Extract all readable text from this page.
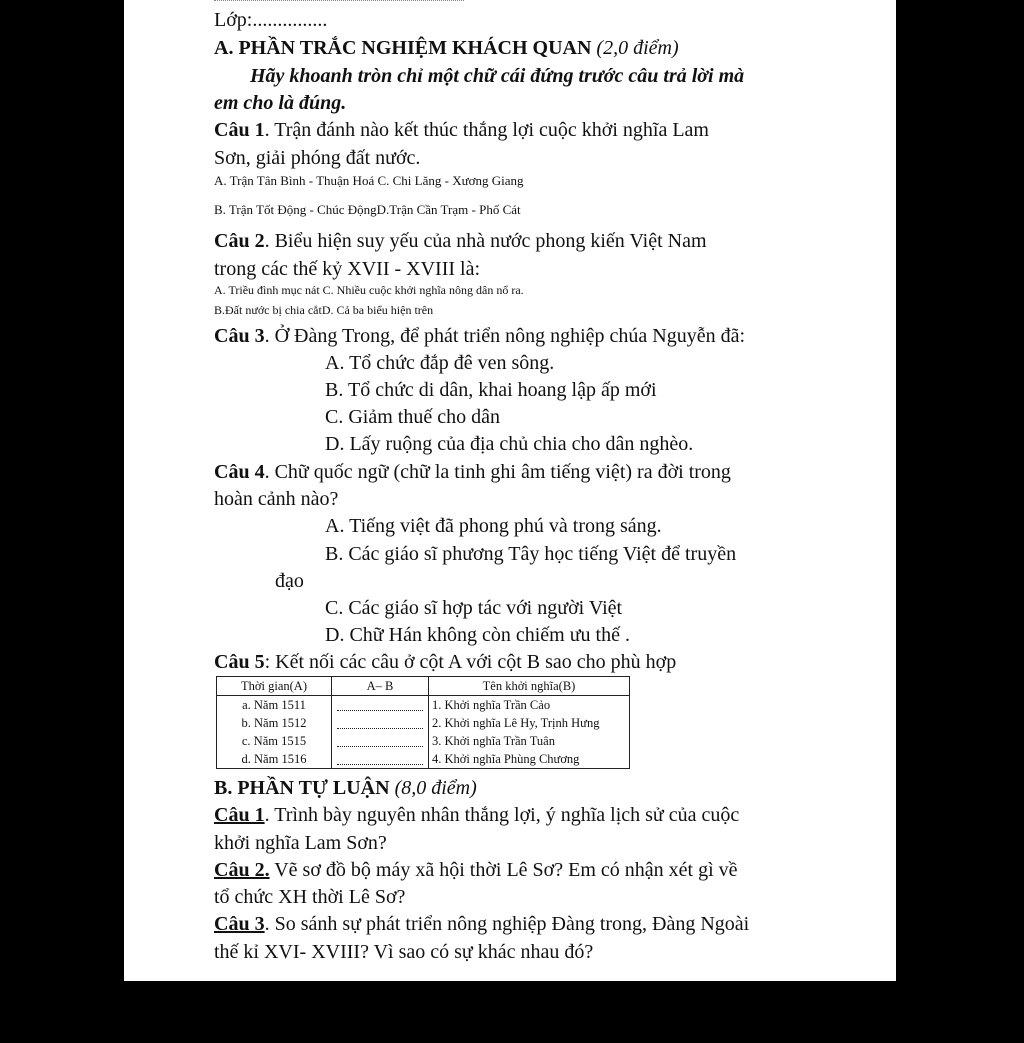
Lớp:...............
A. PHẦN TRẮC NGHIỆM KHÁCH QUAN (2,0 điểm)
Hãy khoanh tròn chỉ một chữ cái đứng trước câu trả lời mà
em cho là đúng.
Câu 1. Trận đánh nào kết thúc thắng lợi cuộc khởi nghĩa Lam
Sơn, giải phóng đất nước.
A. Trận Tân Bình - Thuận Hoá C. Chi Lăng - Xương Giang
B. Trận Tốt Động - Chúc ĐộngD.Trận Cần Trạm - Phố Cát
Câu 2. Biểu hiện suy yếu của nhà nước phong kiến Việt Nam
trong các thế kỷ XVII - XVIII là:
A. Triều đình mục nát C. Nhiều cuộc khởi nghĩa nông dân nổ ra.
B.Đất nước bị chia cắtD. Cả ba biểu hiện trên
Câu 3. Ở Đàng Trong, để phát triển nông nghiệp chúa Nguyễn đã:
A. Tổ chức đắp đê ven sông.
B. Tổ chức di dân, khai hoang lập ấp mới
C. Giảm thuế cho dân
D. Lấy ruộng của địa chủ chia cho dân nghèo.
Câu 4. Chữ quốc ngữ (chữ la tinh ghi âm tiếng việt) ra đời trong
hoàn cảnh nào?
A. Tiếng việt đã phong phú và trong sáng.
B. Các giáo sĩ phương Tây học tiếng Việt để truyền
đạo
C. Các giáo sĩ hợp tác với người Việt
D. Chữ Hán không còn chiếm ưu thế .
Câu 5: Kết nối các câu ở cột A với cột B sao cho phù hợp
Thời gian(A)	A– B	Tên khởi nghĩa(B)
a. Năm 1511		1. Khởi nghĩa Trần Cảo
b. Năm 1512		2. Khởi nghĩa Lê Hy, Trịnh Hưng
c. Năm 1515		3. Khởi nghĩa Trần Tuân
d. Năm 1516		4. Khởi nghĩa Phùng Chương
B. PHẦN TỰ LUẬN (8,0 điểm)
Câu 1. Trình bày nguyên nhân thắng lợi, ý nghĩa lịch sử của cuộc
khởi nghĩa Lam Sơn?
Câu 2. Vẽ sơ đồ bộ máy xã hội thời Lê Sơ? Em có nhận xét gì về
tổ chức XH thời Lê Sơ?
Câu 3. So sánh sự phát triển nông nghiệp Đàng trong, Đàng Ngoài
thế kỉ XVI- XVIII? Vì sao có sự khác nhau đó?
